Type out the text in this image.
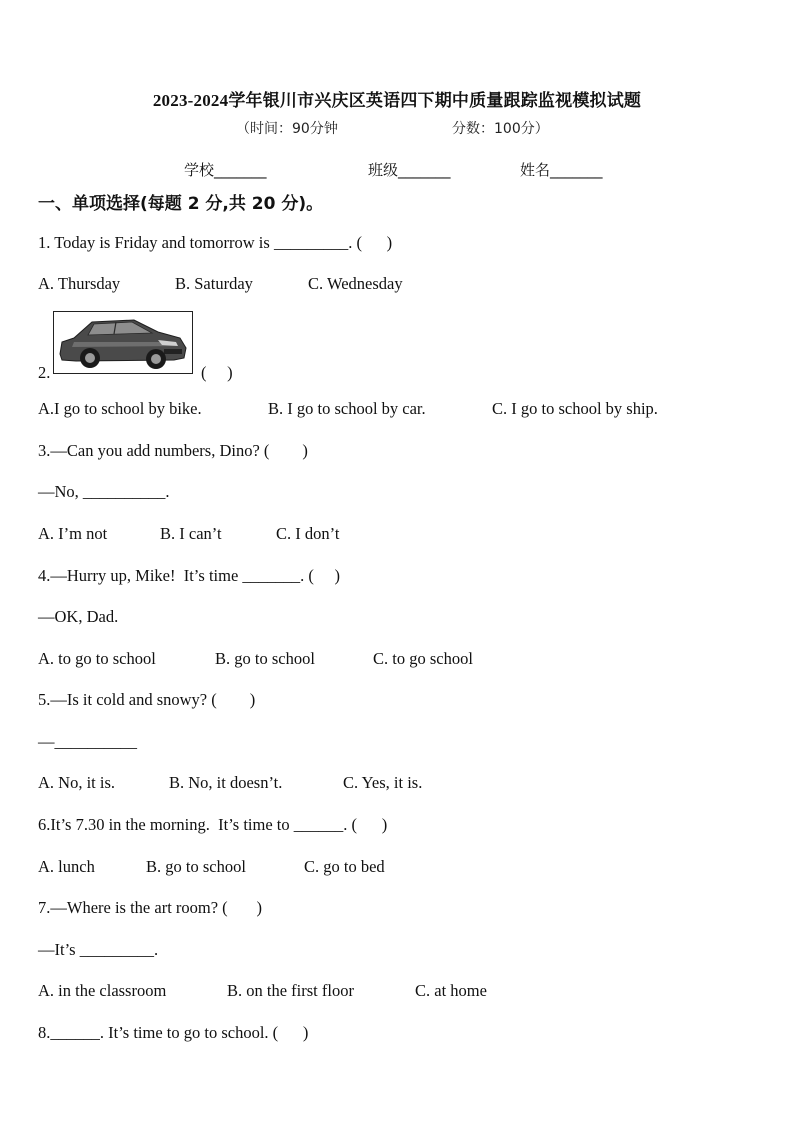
2023-2024学年银川市兴庆区英语四下期中质量跟踪监视模拟试题
（时间：90分钟	分数：100分）
学校_______	班级_______	姓名_______
一、单项选择(每题 2 分,共 20 分)。
1. Today is Friday and tomorrow is _________. (      )
A. Thursday	B. Saturday	C. Wednesday
2.	(     )
A.I go to school by bike.	B. I go to school by car.	C. I go to school by ship.
3.—Can you add numbers, Dino? (        )
—No, __________.
A. I’m not	B. I can’t	C. I don’t
4.—Hurry up, Mike!  It’s time _______. (     )
—OK, Dad.
A. to go to school	B. go to school	C. to go school
5.—Is it cold and snowy? (        )
—__________
A. No, it is.	B. No, it doesn’t.	C. Yes, it is.
6.It’s 7.30 in the morning.  It’s time to ______. (      )
A. lunch	B. go to school	C. go to bed
7.—Where is the art room? (       )
—It’s _________.
A. in the classroom	B. on the first floor	C. at home
8.______. It’s time to go to school. (      )
